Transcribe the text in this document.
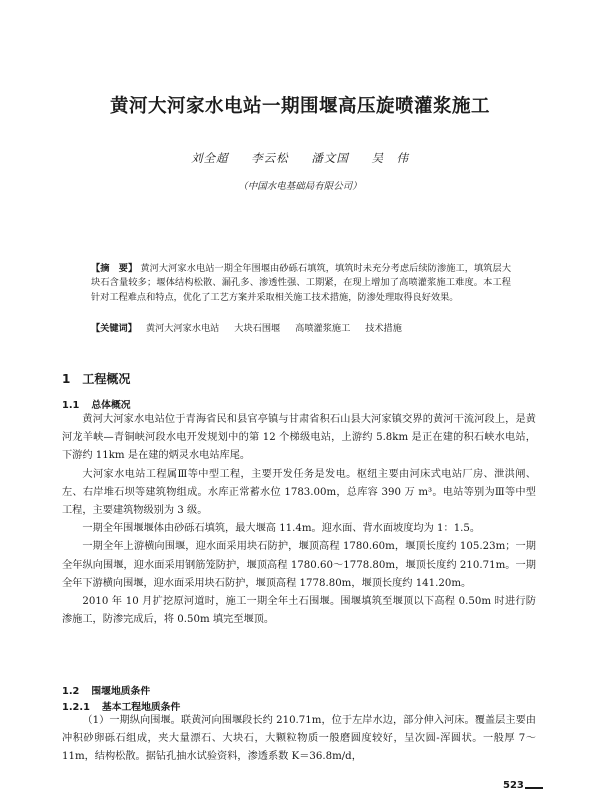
黄河大河家水电站一期围堰高压旋喷灌浆施工
刘全超 李云松 潘文国 吴　伟
（中国水电基础局有限公司）
【摘　要】 黄河大河家水电站一期全年围堰由砂砾石填筑，填筑时未充分考虑后续防渗施工，填筑层大块石含量较多；堰体结构松散、漏孔多、渗透性强、工期紧，在现上增加了高喷灌浆施工难度。本工程针对工程难点和特点，优化了工艺方案并采取相关施工技术措施，防渗处理取得良好效果。
【关键词】 黄河大河家水电站 大块石围堰 高喷灌浆施工 技术措施
1 工程概况
1.1 总体概况

黄河大河家水电站位于青海省民和县官亭镇与甘肃省积石山县大河家镇交界的黄河干流河段上，是黄河龙羊峡—青铜峡河段水电开发规划中的第 12 个梯级电站，上游约 5.8km 是正在建的积石峡水电站，下游约 11km 是在建的炳灵水电站库尾。

大河家水电站工程属Ⅲ等中型工程，主要开发任务是发电。枢纽主要由河床式电站厂房、泄洪闸、左、右岸堆石坝等建筑物组成。水库正常蓄水位 1783.00m，总库容 390 万 m³。电站等别为Ⅲ等中型工程，主要建筑物级别为 3 级。

一期全年围堰堰体由砂砾石填筑，最大堰高 11.4m。迎水面、背水面坡度均为 1：1.5。

一期全年上游横向围堰，迎水面采用块石防护，堰顶高程 1780.60m，堰顶长度约 105.23m；一期全年纵向围堰，迎水面采用钢筋笼防护，堰顶高程 1780.60～1778.80m，堰顶长度约 210.71m。一期全年下游横向围堰，迎水面采用块石防护，堰顶高程 1778.80m，堰顶长度约 141.20m。

2010 年 10 月扩挖原河道时，施工一期全年土石围堰。围堰填筑至堰顶以下高程 0.50m 时进行防渗施工，防渗完成后，将 0.50m 填完至堰顶。

1.2 围堰地质条件
1.2.1 基本工程地质条件

（1）一期纵向围堰。联黄河向围堰段长约 210.71m，位于左岸水边，部分伸入河床。覆盖层主要由冲积砂卵砾石组成，夹大量漂石、大块石，大颗粒物质一般磨圆度较好，呈次圆-浑圆状。一般厚 7～11m，结构松散。据钻孔抽水试验资料，渗透系数 K＝36.8m/d，

523
